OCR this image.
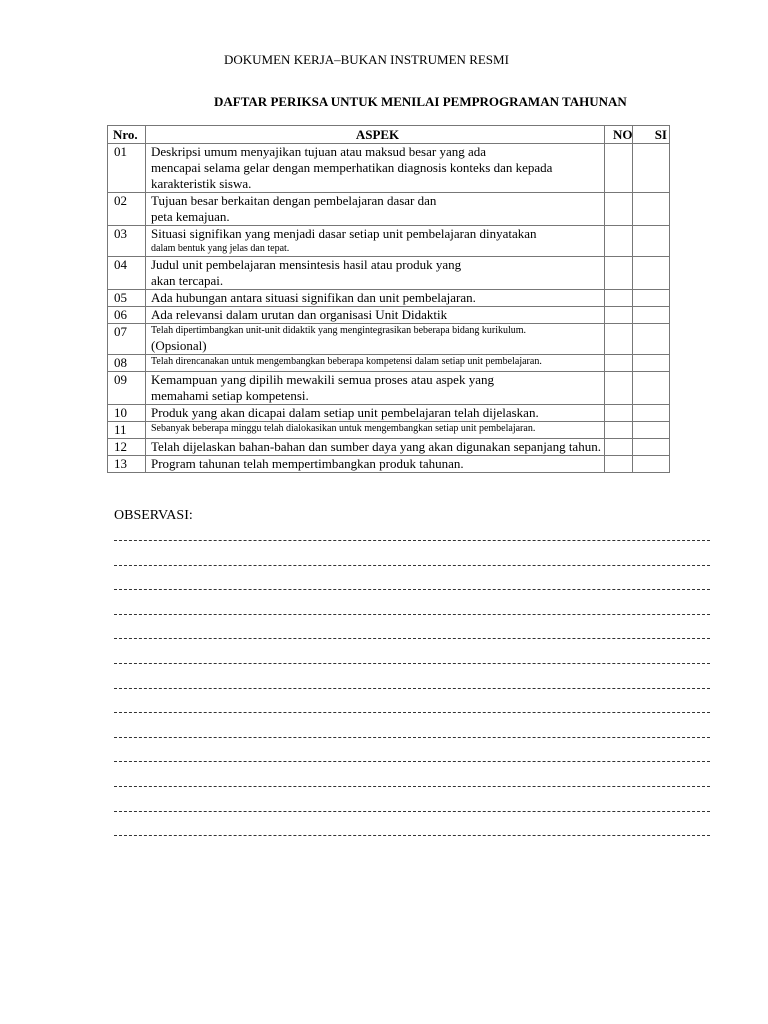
DOKUMEN KERJA–BUKAN INSTRUMEN RESMI
DAFTAR PERIKSA UNTUK MENILAI PEMPROGRAMAN TAHUNAN
Nro.	ASPEK	NO	SI
01	Deskripsi umum menyajikan tujuan atau maksud besar yang ada
mencapai selama gelar dengan memperhatikan diagnosis konteks dan kepada
karakteristik siswa.		

02	Tujuan besar berkaitan dengan pembelajaran dasar dan
peta kemajuan.		

03	Situasi signifikan yang menjadi dasar setiap unit pembelajaran dinyatakan
dalam bentuk yang jelas dan tepat.		

04	Judul unit pembelajaran mensintesis hasil atau produk yang
akan tercapai.		

05	Ada hubungan antara situasi signifikan dan unit pembelajaran.		

06	Ada relevansi dalam urutan dan organisasi Unit Didaktik		

07	Telah dipertimbangkan unit-unit didaktik yang mengintegrasikan beberapa bidang kurikulum.
(Opsional)		

08	Telah direncanakan untuk mengembangkan beberapa kompetensi dalam setiap unit pembelajaran.		

09	Kemampuan yang dipilih mewakili semua proses atau aspek yang
memahami setiap kompetensi.		

10	Produk yang akan dicapai dalam setiap unit pembelajaran telah dijelaskan.		

11	Sebanyak beberapa minggu telah dialokasikan untuk mengembangkan setiap unit pembelajaran.		

12	Telah dijelaskan bahan-bahan dan sumber daya yang akan digunakan sepanjang tahun.		

13	Program tahunan telah mempertimbangkan produk tahunan.		

OBSERVASI:
